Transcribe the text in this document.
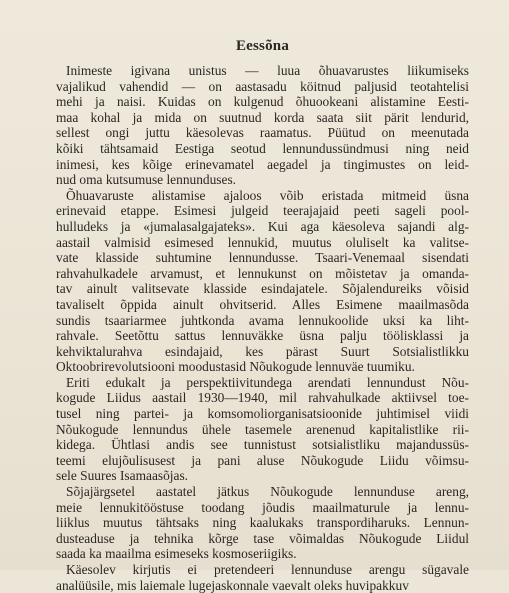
Eessõna

Inimeste igivana unistus — luua õhuavarustes liikumiseks
vajalikud vahendid — on aastasadu köitnud paljusid teotahtelisi
mehi ja naisi. Kuidas on kulgenud õhuookeani alistamine Eesti-
maa kohal ja mida on suutnud korda saata siit pärit lendurid,
sellest ongi juttu käesolevas raamatus. Püütud on meenutada
kõiki tähtsamaid Eestiga seotud lennundussündmusi ning neid
inimesi, kes kõige erinevamatel aegadel ja tingimustes on leid-
nud oma kutsumuse lennunduses.

Õhuavaruste alistamise ajaloos võib eristada mitmeid üsna
erinevaid etappe. Esimesi julgeid teerajajaid peeti sageli pool-
hulludeks ja «jumalasalgajateks». Kui aga käesoleva sajandi alg-
aastail valmisid esimesed lennukid, muutus oluliselt ka valitse-
vate klasside suhtumine lennundusse. Tsaari-Venemaal sisendati
rahvahulkadele arvamust, et lennukunst on mõistetav ja omanda-
tav ainult valitsevate klasside esindajatele. Sõjalendureiks võisid
tavaliselt õppida ainult ohvitserid. Alles Esimene maailmasõda
sundis tsaariarmee juhtkonda avama lennukoolide uksi ka liht-
rahvale. Seetõttu sattus lennuväkke üsna palju töölisklassi ja
kehviktalurahva esindajaid, kes pärast Suurt Sotsialistlikku
Oktoobrirevolutsiooni moodustasid Nõukogude lennuväe tuumiku.

Eriti edukalt ja perspektiivitundega arendati lennundust Nõu-
kogude Liidus aastail 1930—1940, mil rahvahulkade aktiivsel toe-
tusel ning partei- ja komsomoliorganisatsioonide juhtimisel viidi
Nõukogude lennundus ühele tasemele arenenud kapitalistlike rii-
kidega. Ühtlasi andis see tunnistust sotsialistliku majandussüs-
teemi elujõulisusest ja pani aluse Nõukogude Liidu võimsu-
sele Suures Isamaasõjas.

Sõjajärgsetel aastatel jätkus Nõukogude lennunduse areng,
meie lennukitööstuse toodang jõudis maailmaturule ja lennu-
liiklus muutus tähtsaks ning kaalukaks transpordiharuks. Lennun-
dusteaduse ja tehnika kõrge tase võimaldas Nõukogude Liidul
saada ka maailma esimeseks kosmoseriigiks.

Käesolev kirjutis ei pretendeeri lennunduse arengu sügavale
analüüsile, mis laiemale lugejaskonnale vaevalt oleks huvipakkuv
